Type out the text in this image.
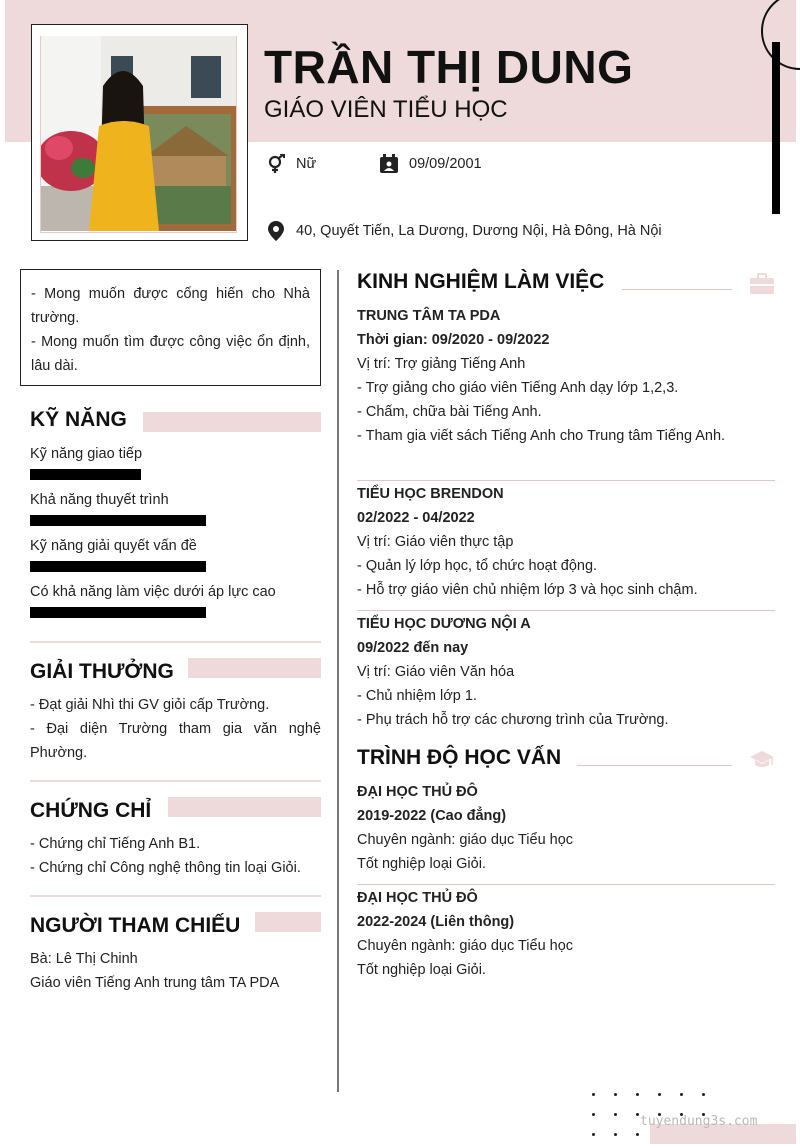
TRẦN THỊ DUNG
GIÁO VIÊN TIỂU HỌC
Nữ	09/09/2001
40, Quyết Tiến, La Dương, Dương Nội, Hà Đông, Hà Nội
- Mong muốn được cống hiến cho Nhà trường.
- Mong muốn tìm được công việc ổn định, lâu dài.
KỸ NĂNG
Kỹ năng giao tiếp
Khả năng thuyết trình
Kỹ năng giải quyết vấn đề
Có khả năng làm việc dưới áp lực cao
GIẢI THƯỞNG
- Đạt giải Nhì thi GV giỏi cấp Trường.
- Đại diện Trường tham gia văn nghệ Phường.
CHỨNG CHỈ
- Chứng chỉ Tiếng Anh B1.
- Chứng chỉ Công nghệ thông tin loại Giỏi.
NGƯỜI THAM CHIẾU
Bà: Lê Thị Chinh
Giáo viên Tiếng Anh trung tâm TA PDA
KINH NGHIỆM LÀM VIỆC
TRUNG TÂM TA PDA
Thời gian: 09/2020 - 09/2022
Vị trí: Trợ giảng Tiếng Anh
- Trợ giảng cho giáo viên Tiếng Anh dạy lớp 1,2,3.
- Chấm, chữa bài Tiếng Anh.
- Tham gia viết sách Tiếng Anh cho Trung tâm Tiếng Anh.
TIỂU HỌC BRENDON
02/2022 - 04/2022
Vị trí: Giáo viên thực tập
- Quản lý lớp học, tổ chức hoạt động.
- Hỗ trợ giáo viên chủ nhiệm lớp 3 và học sinh chậm.
TIỂU HỌC DƯƠNG NỘI A
09/2022 đến nay
Vị trí: Giáo viên Văn hóa
- Chủ nhiệm lớp 1.
- Phụ trách hỗ trợ các chương trình của Trường.
TRÌNH ĐỘ HỌC VẤN
ĐẠI HỌC THỦ ĐÔ
2019-2022 (Cao đẳng)
Chuyên ngành: giáo dục Tiểu học
Tốt nghiệp loại Giỏi.
ĐẠI HỌC THỦ ĐÔ
2022-2024 (Liên thông)
Chuyên ngành: giáo dục Tiểu học
Tốt nghiệp loại Giỏi.
tuyendung3s.com
